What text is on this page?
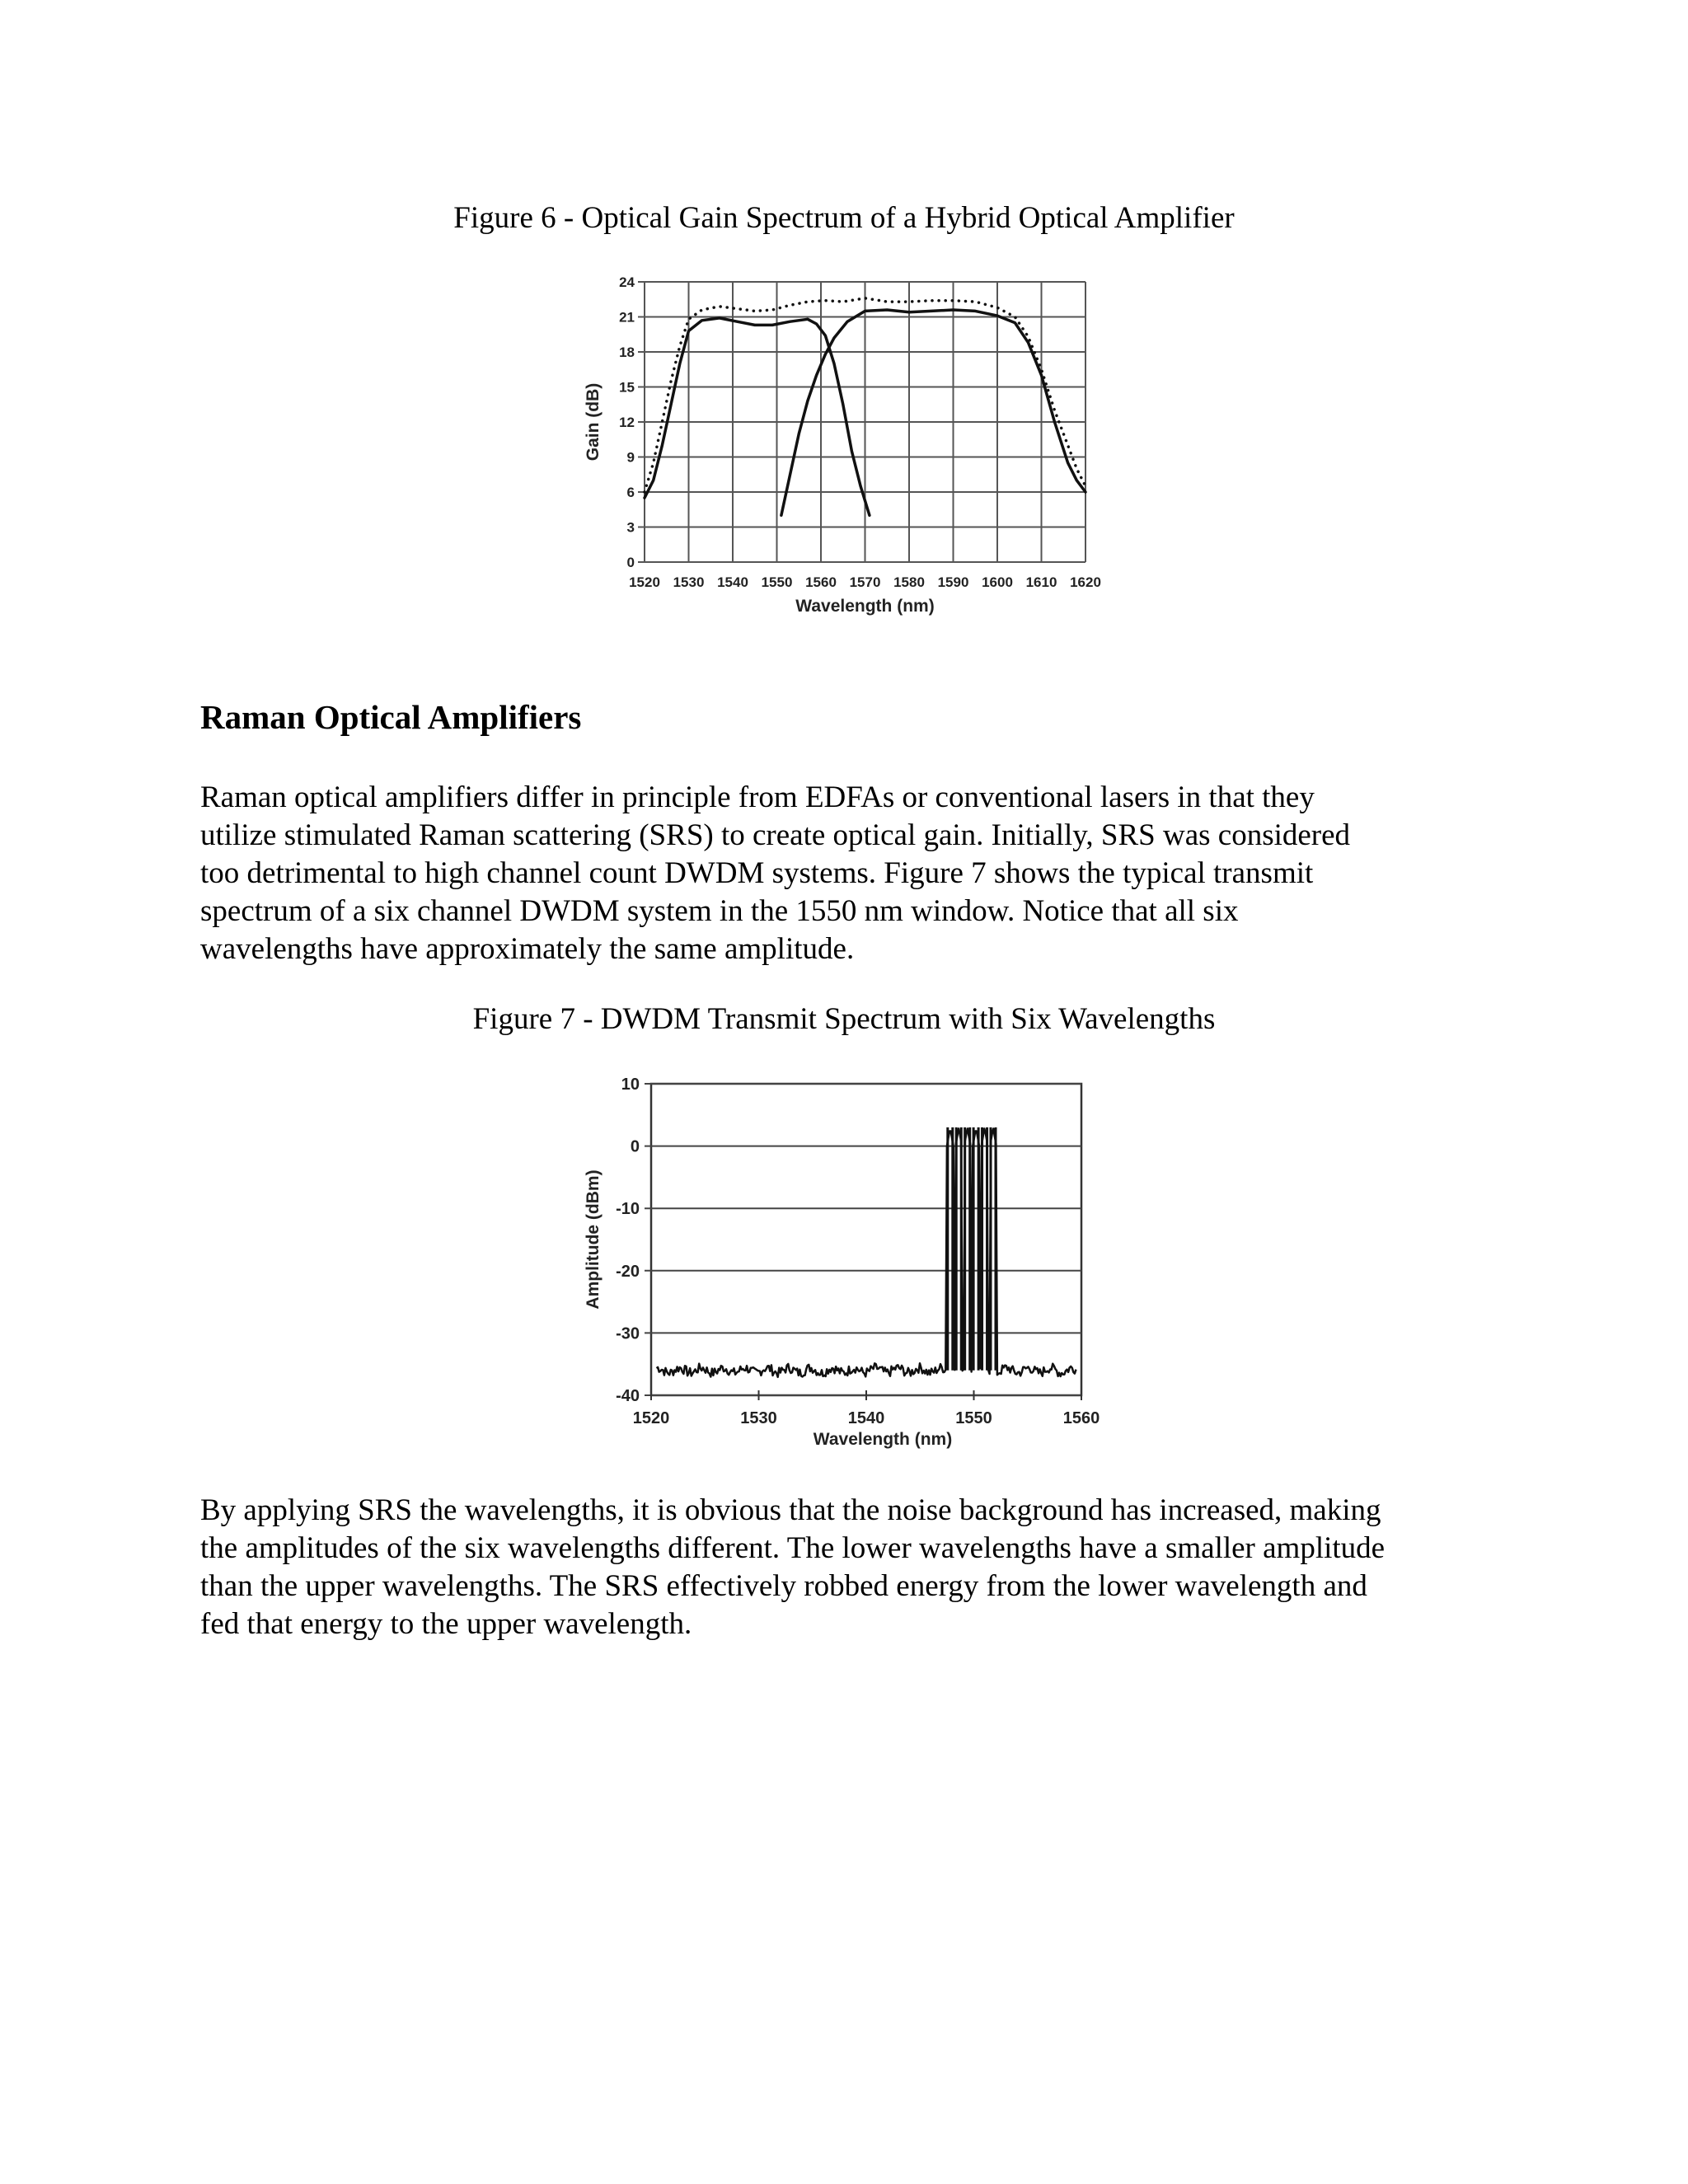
Figure 6 - Optical Gain Spectrum of a Hybrid Optical Amplifier
1520 1530 1540 1550 1560 1570 1580 1590 1600 1610 1620
0
3
6
9
12
15
18
21
24
Wavelength (nm)
Gain (dB)
Raman Optical Amplifiers

Raman optical amplifiers differ in principle from EDFAs or conventional lasers in that they

utilize stimulated Raman scattering (SRS) to create optical gain. Initially, SRS was considered

too detrimental to high channel count DWDM systems. Figure 7 shows the typical transmit

spectrum of a six channel DWDM system in the 1550 nm window. Notice that all six

wavelengths have approximately the same amplitude.

Figure 7 - DWDM Transmit Spectrum with Six Wavelengths
10
0
-10
-20
-30
-40
1520	1530	1540	1550	1560
Wavelength (nm)
Amplitude (dBm)

By applying SRS the wavelengths, it is obvious that the noise background has increased, making

the amplitudes of the six wavelengths different. The lower wavelengths have a smaller amplitude

than the upper wavelengths. The SRS effectively robbed energy from the lower wavelength and

fed that energy to the upper wavelength.
